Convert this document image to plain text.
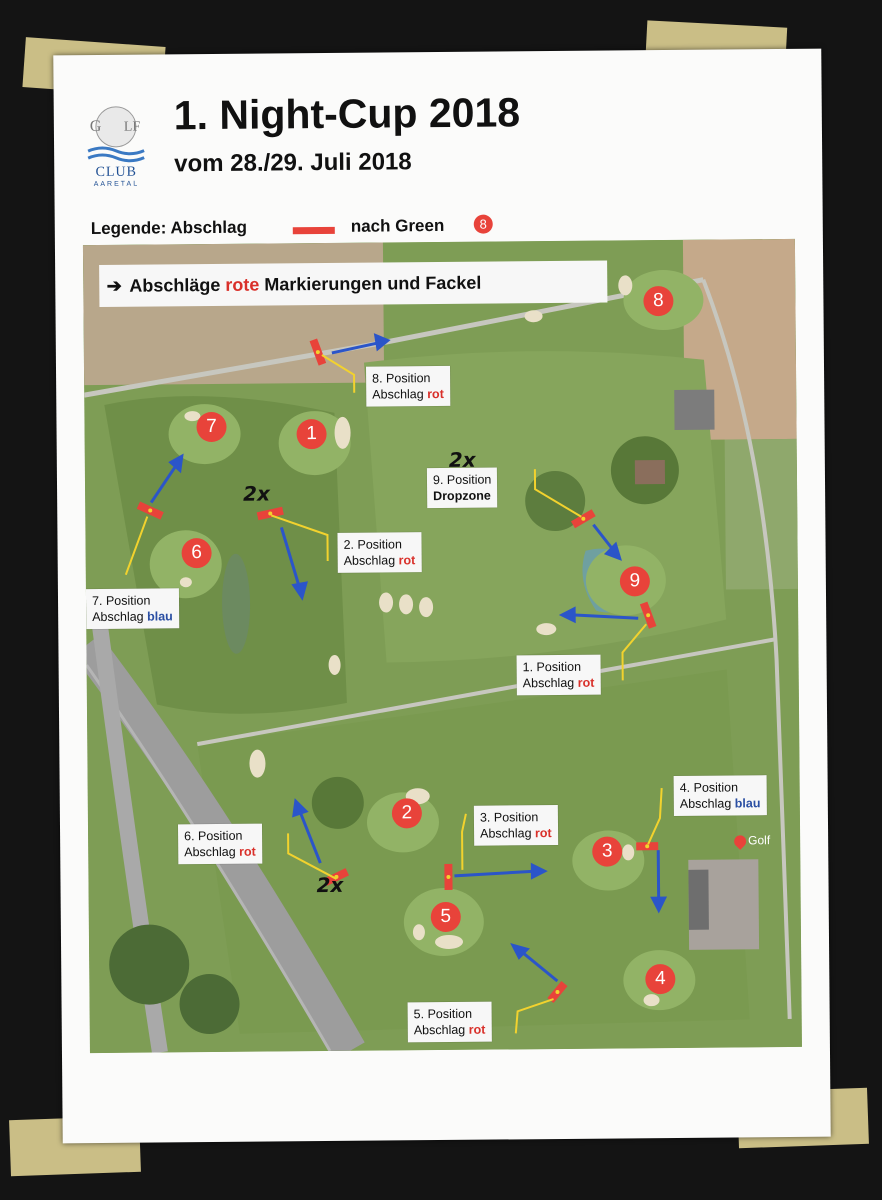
G LF
CLUB
AARETAL
1. Night-Cup 2018
vom 28./29. Juli 2018
Legende: Abschlag	nach Green	8
➔ Abschläge rote Markierungen und Fackel
1
2
3
4
5
6
7
8
9
1. Position
Abschlag rot
2. Position
Abschlag rot
3. Position
Abschlag rot
4. Position
Abschlag blau
5. Position
Abschlag rot
6. Position
Abschlag rot
7. Position
Abschlag blau
8. Position
Abschlag rot
9. Position
Dropzone
2x
2x
2x
Golf
